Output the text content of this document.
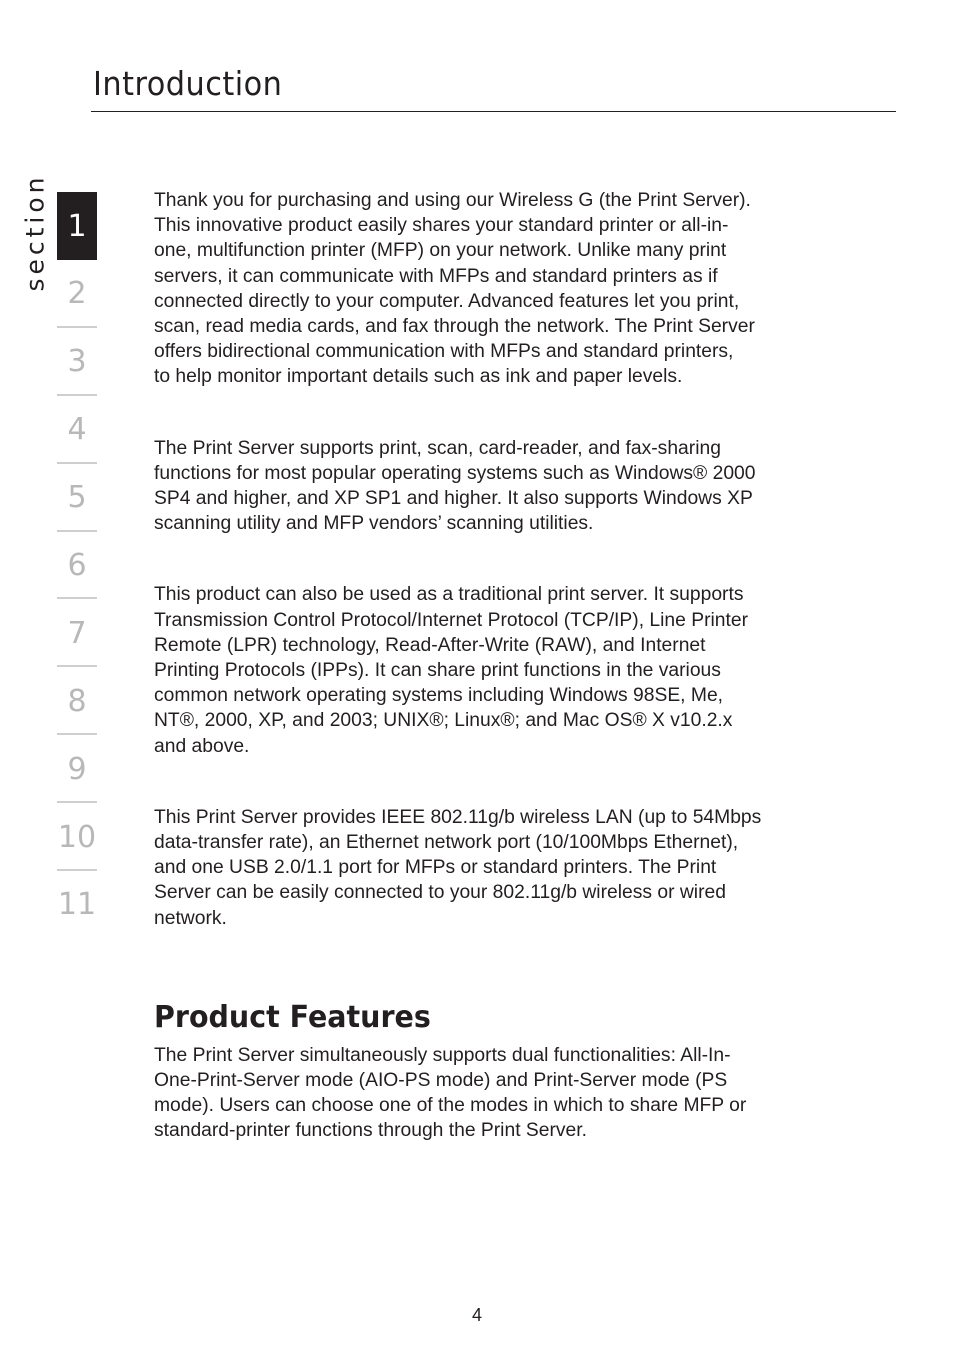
Introduction
section 1
2
3
4
5
6
7
8
9
10
11

Thank you for purchasing and using our Wireless G (the Print Server).
This innovative product easily shares your standard printer or all-in-
one, multifunction printer (MFP) on your network. Unlike many print
servers, it can communicate with MFPs and standard printers as if
connected directly to your computer. Advanced features let you print,
scan, read media cards, and fax through the network. The Print Server
offers bidirectional communication with MFPs and standard printers,
to help monitor important details such as ink and paper levels.

The Print Server supports print, scan, card-reader, and fax-sharing
functions for most popular operating systems such as Windows® 2000
SP4 and higher, and XP SP1 and higher. It also supports Windows XP
scanning utility and MFP vendors’ scanning utilities.

This product can also be used as a traditional print server. It supports
Transmission Control Protocol/Internet Protocol (TCP/IP), Line Printer
Remote (LPR) technology, Read-After-Write (RAW), and Internet
Printing Protocols (IPPs). It can share print functions in the various
common network operating systems including Windows 98SE, Me,
NT®, 2000, XP, and 2003; UNIX®; Linux®; and Mac OS® X v10.2.x
and above.

This Print Server provides IEEE 802.11g/b wireless LAN (up to 54Mbps
data-transfer rate), an Ethernet network port (10/100Mbps Ethernet),
and one USB 2.0/1.1 port for MFPs or standard printers. The Print
Server can be easily connected to your 802.11g/b wireless or wired
network.

Product Features

The Print Server simultaneously supports dual functionalities: All-In-
One-Print-Server mode (AIO-PS mode) and Print-Server mode (PS
mode). Users can choose one of the modes in which to share MFP or
standard-printer functions through the Print Server.

4
